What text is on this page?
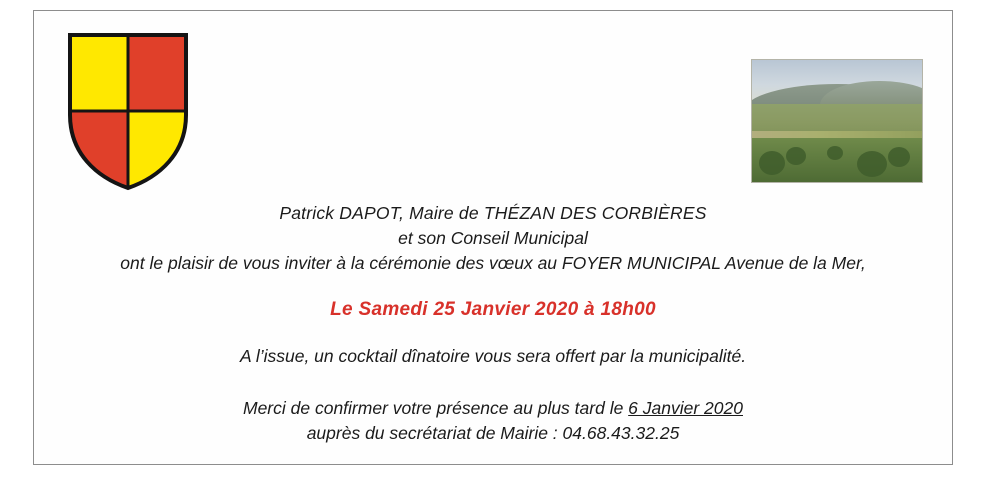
Patrick DAPOT, Maire de THÉZAN DES CORBIÈRES
et son Conseil Municipal
ont le plaisir de vous inviter à la cérémonie des vœux au FOYER MUNICIPAL Avenue de la Mer,
Le Samedi 25 Janvier 2020 à 18h00
A l’issue, un cocktail dînatoire vous sera offert par la municipalité.
Merci de confirmer votre présence au plus tard le 6 Janvier 2020
auprès du secrétariat de Mairie : 04.68.43.32.25
